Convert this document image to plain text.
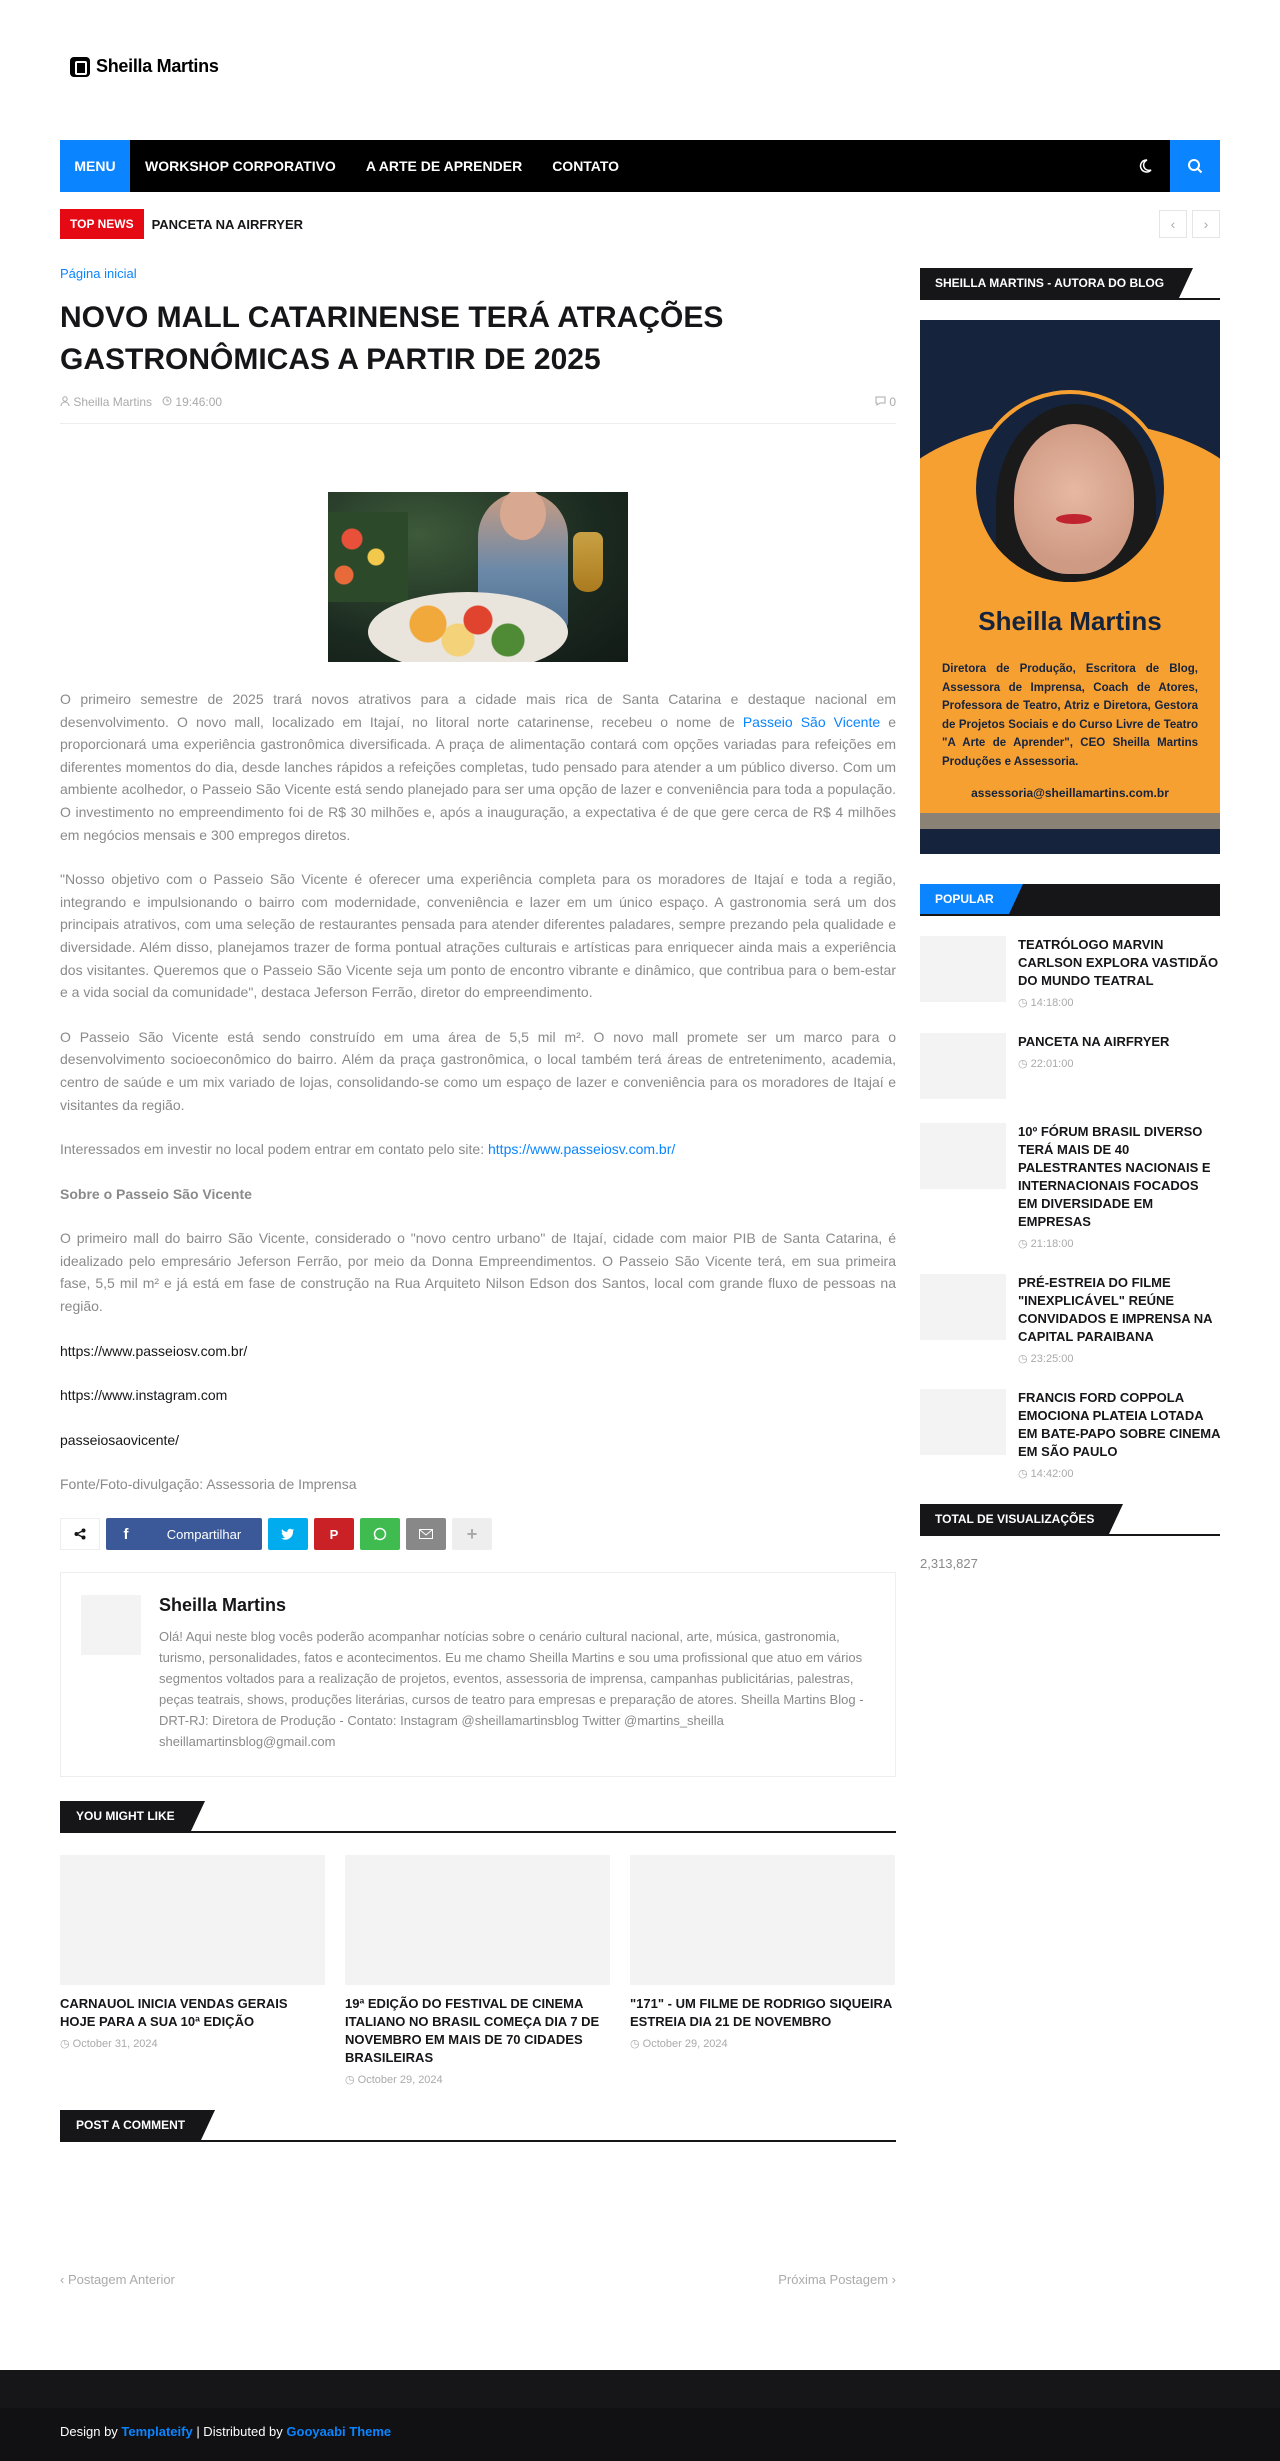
Sheilla Martins
MENU	WORKSHOP CORPORATIVO	A ARTE DE APRENDER	CONTATO
TOP NEWS	PANCETA NA AIRFRYER	‹	›
Página inicial
NOVO MALL CATARINENSE TERÁ ATRAÇÕES GASTRONÔMICAS A PARTIR DE 2025
Sheilla Martins	19:46:00	0

O primeiro semestre de 2025 trará novos atrativos para a cidade mais rica de Santa Catarina e destaque nacional em desenvolvimento. O novo mall, localizado em Itajaí, no litoral norte catarinense, recebeu o nome de Passeio São Vicente e proporcionará uma experiência gastronômica diversificada. A praça de alimentação contará com opções variadas para refeições em diferentes momentos do dia, desde lanches rápidos a refeições completas, tudo pensado para atender a um público diverso. Com um ambiente acolhedor, o Passeio São Vicente está sendo planejado para ser uma opção de lazer e conveniência para toda a população. O investimento no empreendimento foi de R$ 30 milhões e, após a inauguração, a expectativa é de que gere cerca de R$ 4 milhões em negócios mensais e 300 empregos diretos.

"Nosso objetivo com o Passeio São Vicente é oferecer uma experiência completa para os moradores de Itajaí e toda a região, integrando e impulsionando o bairro com modernidade, conveniência e lazer em um único espaço. A gastronomia será um dos principais atrativos, com uma seleção de restaurantes pensada para atender diferentes paladares, sempre prezando pela qualidade e diversidade. Além disso, planejamos trazer de forma pontual atrações culturais e artísticas para enriquecer ainda mais a experiência dos visitantes. Queremos que o Passeio São Vicente seja um ponto de encontro vibrante e dinâmico, que contribua para o bem-estar e a vida social da comunidade", destaca Jeferson Ferrão, diretor do empreendimento.

O Passeio São Vicente está sendo construído em uma área de 5,5 mil m². O novo mall promete ser um marco para o desenvolvimento socioeconômico do bairro. Além da praça gastronômica, o local também terá áreas de entretenimento, academia, centro de saúde e um mix variado de lojas, consolidando-se como um espaço de lazer e conveniência para os moradores de Itajaí e visitantes da região.

Interessados em investir no local podem entrar em contato pelo site: https://www.passeiosv.com.br/

Sobre o Passeio São Vicente

O primeiro mall do bairro São Vicente, considerado o "novo centro urbano" de Itajaí, cidade com maior PIB de Santa Catarina, é idealizado pelo empresário Jeferson Ferrão, por meio da Donna Empreendimentos. O Passeio São Vicente terá, em sua primeira fase, 5,5 mil m² e já está em fase de construção na Rua Arquiteto Nilson Edson dos Santos, local com grande fluxo de pessoas na região.

https://www.passeiosv.com.br/

https://www.instagram.com

passeiosaovicente/

Fonte/Foto-divulgação: Assessoria de Imprensa

f	Compartilhar	P	+
Sheilla Martins
Olá! Aqui neste blog vocês poderão acompanhar notícias sobre o cenário cultural nacional, arte, música, gastronomia, turismo, personalidades, fatos e acontecimentos. Eu me chamo Sheilla Martins e sou uma profissional que atuo em vários segmentos voltados para a realização de projetos, eventos, assessoria de imprensa, campanhas publicitárias, palestras, peças teatrais, shows, produções literárias, cursos de teatro para empresas e preparação de atores. Sheilla Martins Blog - DRT-RJ: Diretora de Produção - Contato: Instagram @sheillamartinsblog Twitter @martins_sheilla sheillamartinsblog@gmail.com
YOU MIGHT LIKE
CARNAUOL INICIA VENDAS GERAIS HOJE PARA A SUA 10ª EDIÇÃO
◷ October 31, 2024
19ª EDIÇÃO DO FESTIVAL DE CINEMA ITALIANO NO BRASIL COMEÇA DIA 7 DE NOVEMBRO EM MAIS DE 70 CIDADES BRASILEIRAS
◷ October 29, 2024
"171" - UM FILME DE RODRIGO SIQUEIRA ESTREIA DIA 21 DE NOVEMBRO
◷ October 29, 2024
POST A COMMENT
‹ Postagem Anterior	Próxima Postagem ›
SHEILLA MARTINS - AUTORA DO BLOG
Sheilla Martins
Diretora de Produção, Escritora de Blog, Assessora de Imprensa, Coach de Atores, Professora de Teatro, Atriz e Diretora, Gestora de Projetos Sociais e do Curso Livre de Teatro "A Arte de Aprender", CEO Sheilla Martins Produções e Assessoria.
assessoria@sheillamartins.com.br
POPULAR
TEATRÓLOGO MARVIN CARLSON EXPLORA VASTIDÃO DO MUNDO TEATRAL
◷ 14:18:00
PANCETA NA AIRFRYER
◷ 22:01:00
10º FÓRUM BRASIL DIVERSO TERÁ MAIS DE 40 PALESTRANTES NACIONAIS E INTERNACIONAIS FOCADOS EM DIVERSIDADE EM EMPRESAS
◷ 21:18:00
PRÉ-ESTREIA DO FILME "INEXPLICÁVEL" REÚNE CONVIDADOS E IMPRENSA NA CAPITAL PARAIBANA
◷ 23:25:00
FRANCIS FORD COPPOLA EMOCIONA PLATEIA LOTADA EM BATE-PAPO SOBRE CINEMA EM SÃO PAULO
◷ 14:42:00
TOTAL DE VISUALIZAÇÕES
2,313,827
Design by Templateify | Distributed by Gooyaabi Theme
